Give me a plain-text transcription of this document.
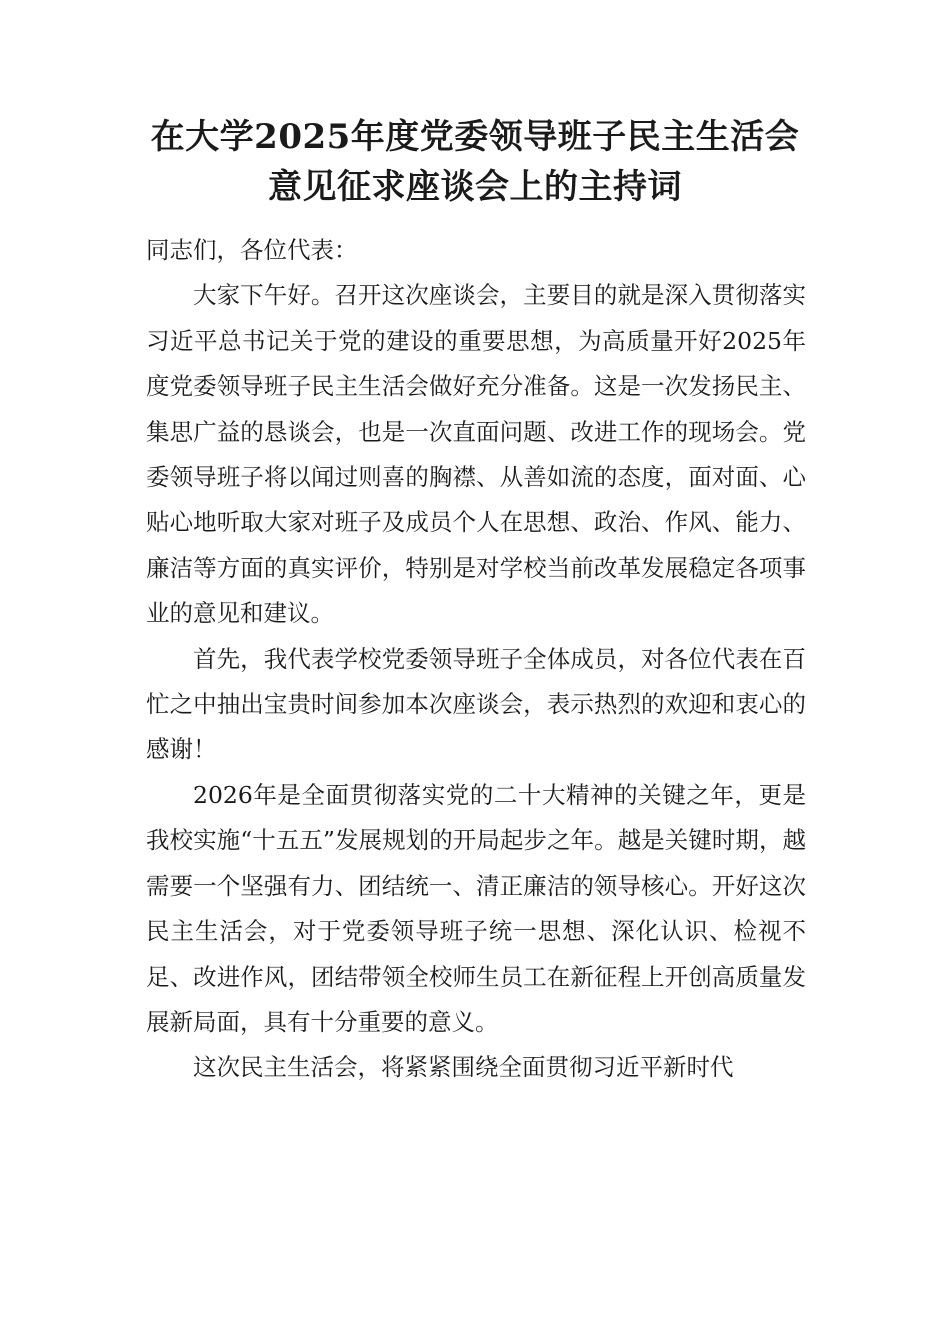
在大学2025年度党委领导班子民主生活会
意见征求座谈会上的主持词

同志们，各位代表：

大家下午好。召开这次座谈会，主要目的就是深入贯彻落实习近平总书记关于党的建设的重要思想，为高质量开好2025年度党委领导班子民主生活会做好充分准备。这是一次发扬民主、集思广益的恳谈会，也是一次直面问题、改进工作的现场会。党委领导班子将以闻过则喜的胸襟、从善如流的态度，面对面、心贴心地听取大家对班子及成员个人在思想、政治、作风、能力、廉洁等方面的真实评价，特别是对学校当前改革发展稳定各项事业的意见和建议。

首先，我代表学校党委领导班子全体成员，对各位代表在百忙之中抽出宝贵时间参加本次座谈会，表示热烈的欢迎和衷心的感谢！

2026年是全面贯彻落实党的二十大精神的关键之年，更是我校实施“十五五”发展规划的开局起步之年。越是关键时期，越需要一个坚强有力、团结统一、清正廉洁的领导核心。开好这次民主生活会，对于党委领导班子统一思想、深化认识、检视不足、改进作风，团结带领全校师生员工在新征程上开创高质量发展新局面，具有十分重要的意义。

这次民主生活会，将紧紧围绕全面贯彻习近平新时代
